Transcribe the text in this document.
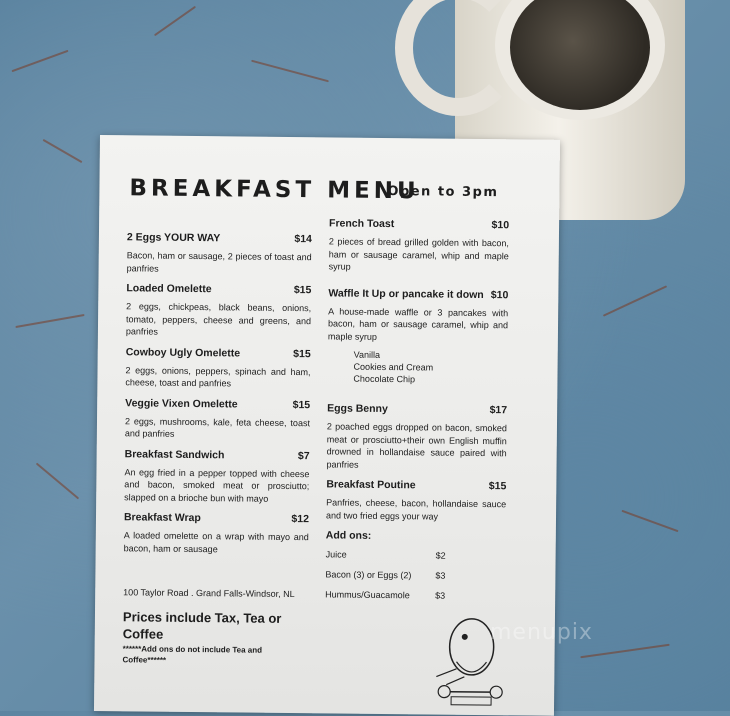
BREAKFAST MENU
Open to 3pm
2 Eggs YOUR WAY	$14
Bacon, ham or sausage, 2 pieces of toast and panfries
Loaded Omelette	$15
2 eggs, chickpeas, black beans, onions, tomato, peppers, cheese and greens, and panfries
Cowboy Ugly Omelette	$15
2 eggs, onions, peppers, spinach and ham, cheese, toast and panfries
Veggie Vixen Omelette	$15
2 eggs, mushrooms, kale, feta cheese, toast and panfries
Breakfast Sandwich	$7
An egg fried in a pepper topped with cheese and bacon, smoked meat or prosciutto; slapped on a brioche bun with mayo
Breakfast Wrap	$12
A loaded omelette on a wrap with mayo and bacon, ham or sausage
French Toast	$10
2 pieces of bread grilled golden with bacon, ham or sausage caramel, whip and maple syrup
Waffle It Up or pancake it down $10
A house-made waffle or 3 pancakes with bacon, ham or sausage caramel, whip and maple syrup
Vanilla
Cookies and Cream
Chocolate Chip
Eggs Benny	$17
2 poached eggs dropped on bacon, smoked meat or prosciutto+their own English muffin drowned in hollandaise sauce paired with panfries
Breakfast Poutine	$15
Panfries, cheese, bacon, hollandaise sauce and two fried eggs your way
Add ons:
Juice	$2
Bacon (3) or Eggs (2)	$3
Hummus/Guacamole	$3
100 Taylor Road . Grand Falls-Windsor, NL
Prices include Tax, Tea or Coffee
******Add ons do not include Tea and Coffee******
menupix
